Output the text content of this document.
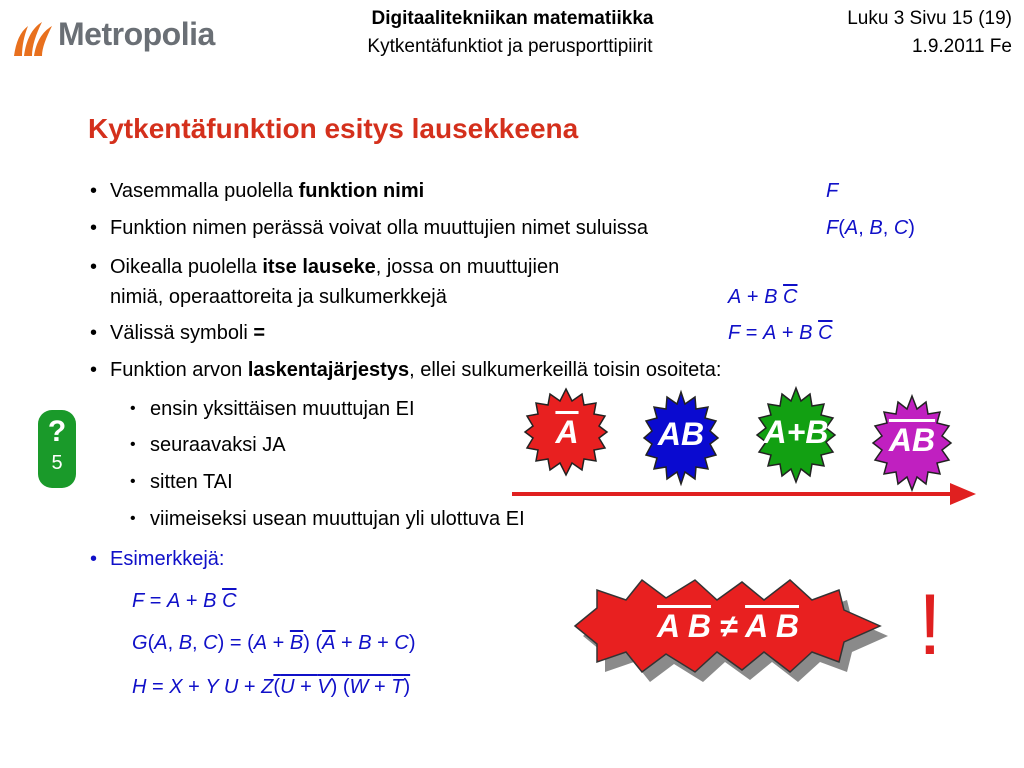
Metropolia	Digitaalitekniikan matematiikka
Kytkentäfunktiot ja perusporttipiirit
Luku 3 Sivu 15 (19)
1.9.2011 Fe
Kytkentäfunktion esitys lausekkeena
• Vasemmalla puolella funktion nimi	F
• Funktion nimen perässä voivat olla muuttujien nimet suluissa	F(A, B, C)
• Oikealla puolella itse lauseke, jossa on muuttujien
nimiä, operaattoreita ja sulkumerkkejä	A + B $\overline{C}$
• Välissä symboli =	F = A + B $\overline{C}$
• Funktion arvon laskentajärjestys, ellei sulkumerkeillä toisin osoiteta:
• ensin yksittäisen muuttujan EI
• seuraavaksi JA
• sitten TAI
• viimeiseksi usean muuttujan yli ulottuva EI
• Esimerkkejä:
F = A + B $\overline{C}$
G(A, B, $C) = (A + \overline{B})$ $(\overline{A} + B + C)$
H = X + Y U + Z(U + V) (W + T)
?
5
$\overline{A}$	AB	A+B	$\overline{AB}$
A B ≠ A B	!
